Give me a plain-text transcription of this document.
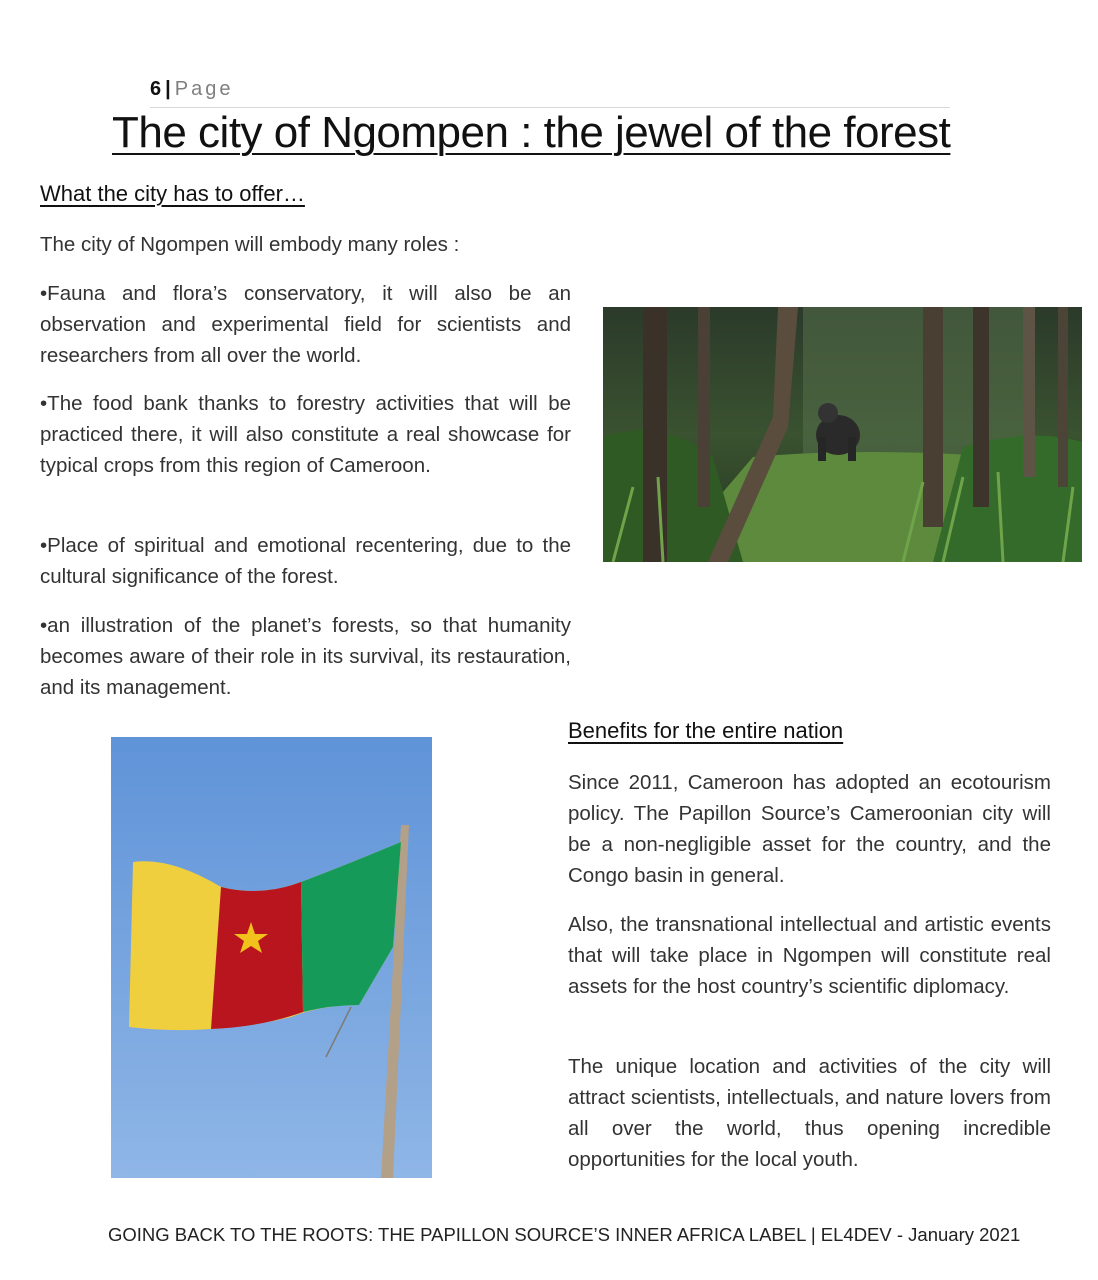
6 | Page
The city of Ngompen : the jewel of the forest
What the city has to offer…

The city of Ngompen will embody many roles :

•Fauna and flora’s conservatory, it will also be an observation and experimental field for scientists and researchers from all over the world.

•The food bank thanks to forestry activities that will be practiced there, it will also constitute a real showcase for typical crops from this region of Cameroon.

•Place of spiritual and emotional recentering, due to the cultural significance of the forest.

•an illustration of the planet’s forests, so that humanity becomes aware of their role in its survival, its restauration, and its management.

Benefits for the entire nation

Since 2011, Cameroon has adopted an ecotourism policy. The Papillon Source’s Cameroonian city will be a non-negligible asset for the country, and the Congo basin in general.

Also, the transnational intellectual and artistic events that will take place in Ngompen will constitute real assets for the host country’s scientific diplomacy.

The unique location and activities of the city will attract scientists, intellectuals, and nature lovers from all over the world, thus opening incredible opportunities for the local youth.

GOING BACK TO THE ROOTS: THE PAPILLON SOURCE’S INNER AFRICA LABEL | EL4DEV - January 2021
